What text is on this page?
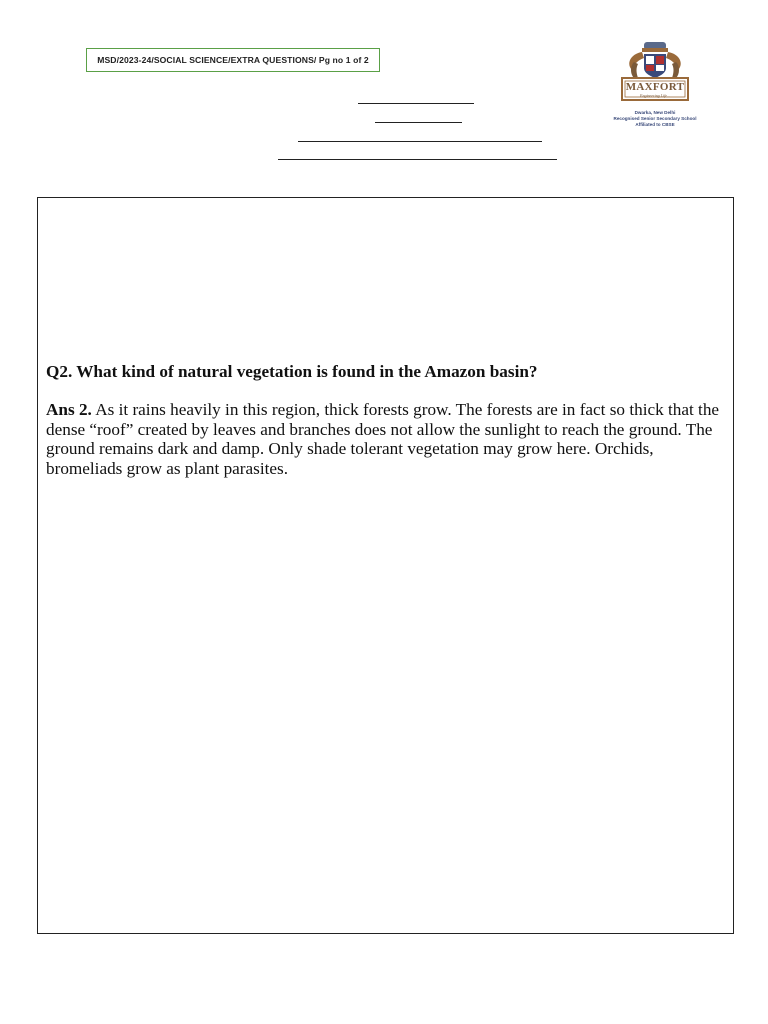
MSD/2023-24/SOCIAL SCIENCE/EXTRA QUESTIONS/ Pg no 1 of 2
MAXFORT
Engineering Life...
Dwarka, New Delhi
Recognised Senior Secondary School
Affiliated to CBSE
Q2. What kind of natural vegetation is found in the Amazon basin?
Ans 2. As it rains heavily in this region, thick forests grow. The forests are in fact so thick that the dense “roof” created by leaves and branches does not allow the sunlight to reach the ground. The ground remains dark and damp. Only shade tolerant vegetation may grow here. Orchids, bromeliads grow as plant parasites.
